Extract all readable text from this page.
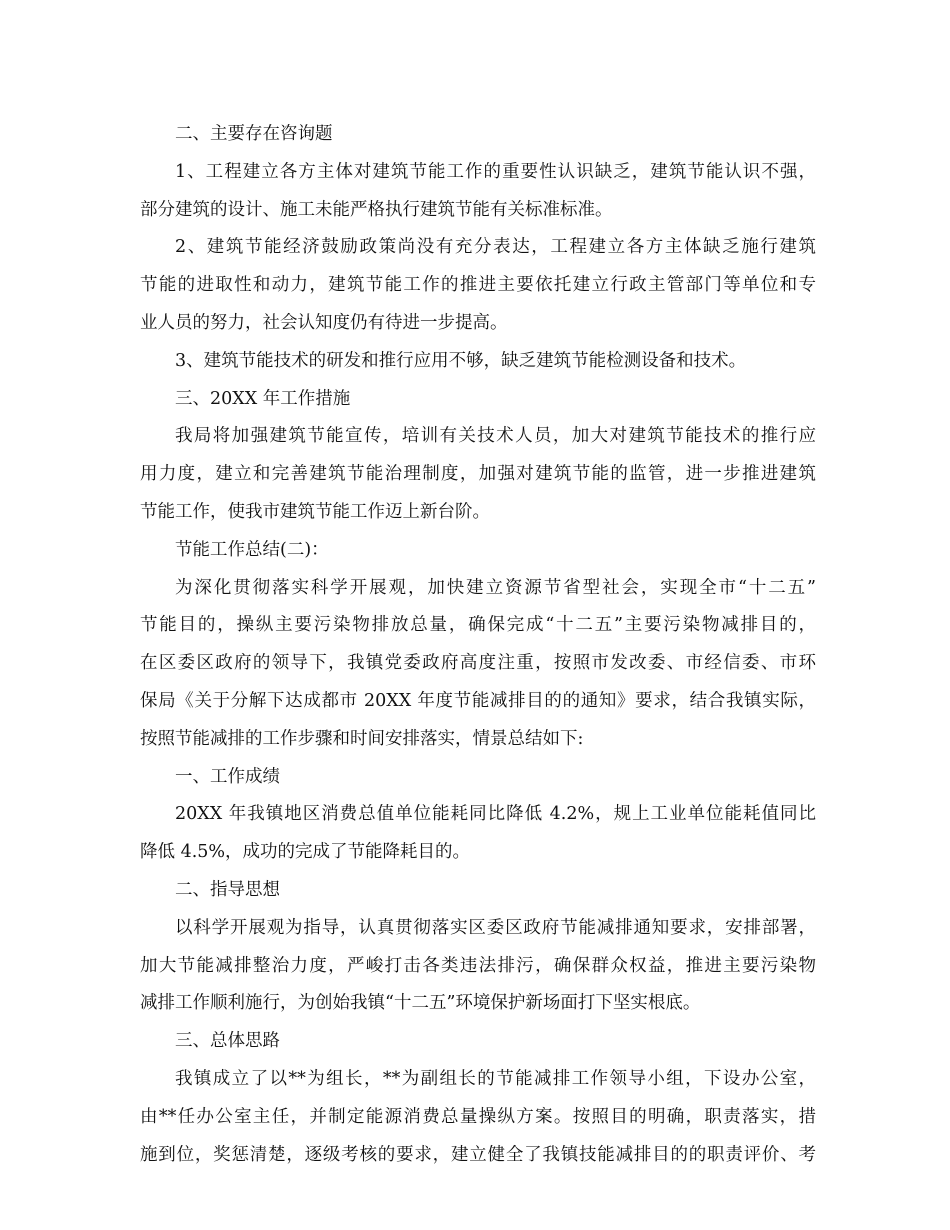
二、主要存在咨询题
1、工程建立各方主体对建筑节能工作的重要性认识缺乏，建筑节能认识不强，
部分建筑的设计、施工未能严格执行建筑节能有关标准标准。
2、建筑节能经济鼓励政策尚没有充分表达，工程建立各方主体缺乏施行建筑
节能的进取性和动力，建筑节能工作的推进主要依托建立行政主管部门等单位和专
业人员的努力，社会认知度仍有待进一步提高。
3、建筑节能技术的研发和推行应用不够，缺乏建筑节能检测设备和技术。
三、20XX 年工作措施
我局将加强建筑节能宣传，培训有关技术人员，加大对建筑节能技术的推行应
用力度，建立和完善建筑节能治理制度，加强对建筑节能的监管，进一步推进建筑
节能工作，使我市建筑节能工作迈上新台阶。
节能工作总结(二)：
为深化贯彻落实科学开展观，加快建立资源节省型社会，实现全市“十二五”
节能目的，操纵主要污染物排放总量，确保完成“十二五”主要污染物减排目的，
在区委区政府的领导下，我镇党委政府高度注重，按照市发改委、市经信委、市环
保局《关于分解下达成都市 20XX 年度节能减排目的的通知》要求，结合我镇实际，
按照节能减排的工作步骤和时间安排落实，情景总结如下:
一、工作成绩
20XX 年我镇地区消费总值单位能耗同比降低 4.2%，规上工业单位能耗值同比
降低 4.5%，成功的完成了节能降耗目的。
二、指导思想
以科学开展观为指导，认真贯彻落实区委区政府节能减排通知要求，安排部署，
加大节能减排整治力度，严峻打击各类违法排污，确保群众权益，推进主要污染物
减排工作顺利施行，为创始我镇“十二五”环境保护新场面打下坚实根底。
三、总体思路
我镇成立了以**为组长，**为副组长的节能减排工作领导小组，下设办公室，
由**任办公室主任，并制定能源消费总量操纵方案。按照目的明确，职责落实，措
施到位，奖惩清楚，逐级考核的要求，建立健全了我镇技能减排目的的职责评价、考
